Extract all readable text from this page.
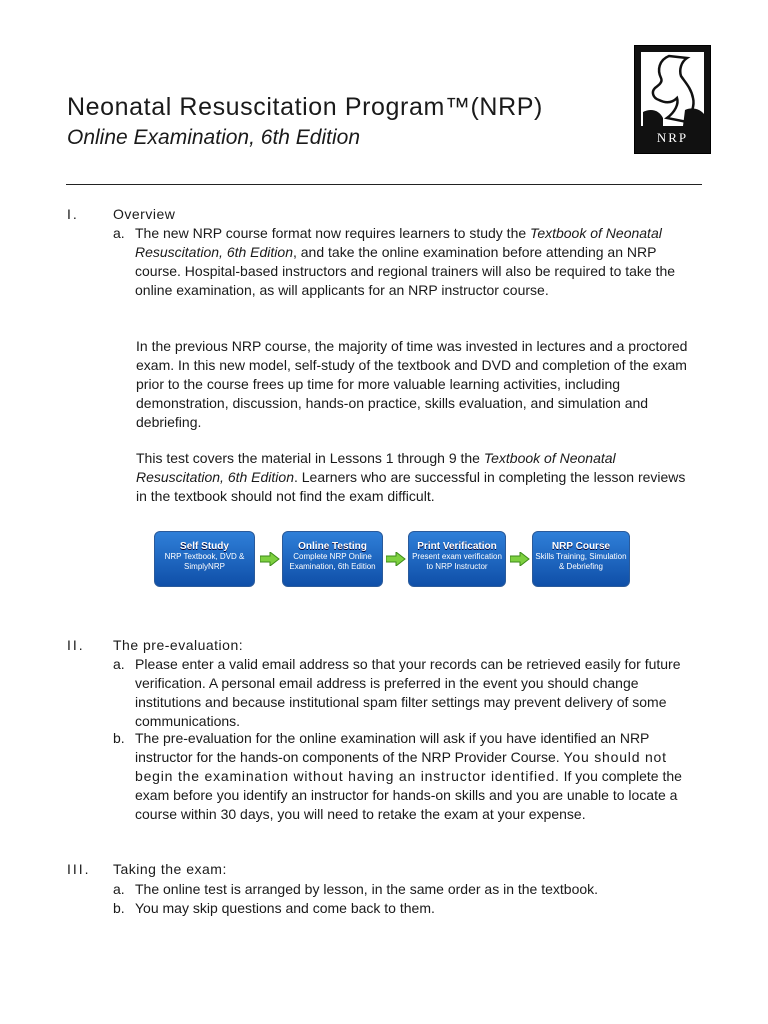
Neonatal Resuscitation Program™(NRP)
Online Examination, 6th Edition	NRP
I. Overview
a. The new NRP course format now requires learners to study the Textbook of Neonatal Resuscitation, 6th Edition, and take the online examination before attending an NRP course. Hospital-based instructors and regional trainers will also be required to take the online examination, as will applicants for an NRP instructor course.
In the previous NRP course, the majority of time was invested in lectures and a proctored exam. In this new model, self-study of the textbook and DVD and completion of the exam prior to the course frees up time for more valuable learning activities, including demonstration, discussion, hands-on practice, skills evaluation, and simulation and debriefing.
This test covers the material in Lessons 1 through 9 the Textbook of Neonatal Resuscitation, 6th Edition. Learners who are successful in completing the lesson reviews in the textbook should not find the exam difficult.
Self Study
NRP Textbook, DVD & SimplyNRP
Online Testing
Complete NRP Online Examination, 6th Edition
Print Verification
Present exam verification to NRP Instructor
NRP Course
Skills Training, Simulation & Debriefing
II. The pre-evaluation:
a. Please enter a valid email address so that your records can be retrieved easily for future verification. A personal email address is preferred in the event you should change institutions and because institutional spam filter settings may prevent delivery of some communications.
b. The pre-evaluation for the online examination will ask if you have identified an NRP instructor for the hands-on components of the NRP Provider Course. You should not begin the examination without having an instructor identified. If you complete the exam before you identify an instructor for hands-on skills and you are unable to locate a course within 30 days, you will need to retake the exam at your expense.
III. Taking the exam:
a. The online test is arranged by lesson, in the same order as in the textbook.
b. You may skip questions and come back to them.
